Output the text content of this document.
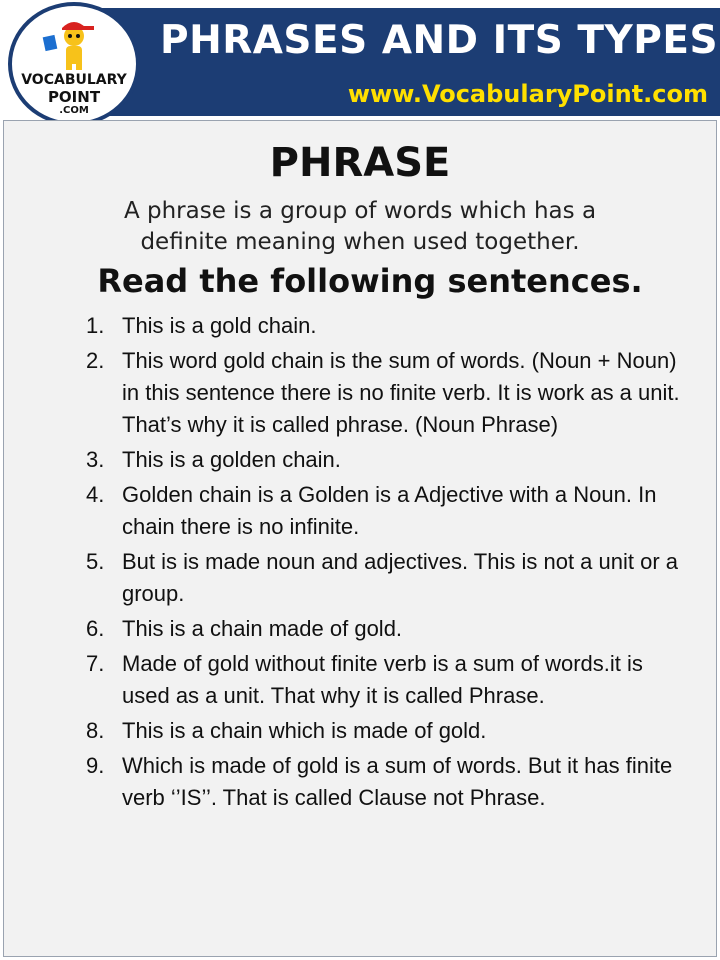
PHRASES AND ITS TYPES
www.VocabularyPoint.com
VOCABULARY
POINT
.COM
PHRASE
A phrase is a group of words which has a definite meaning when used together.
Read the following sentences.
1. This is a gold chain.
2. This word gold chain is the sum of words. (Noun + Noun) in this sentence there is no finite verb. It is work as a unit. That’s why it is called phrase. (Noun Phrase)
3. This is a golden chain.
4. Golden chain is a Golden is a Adjective with a Noun. In chain there is no infinite.
5. But is is made noun and adjectives. This is not a unit or a group.
6. This is a chain made of gold.
7. Made of gold without finite verb is a sum of words.it is used as a unit. That why it is called Phrase.
8. This is a chain which is made of gold.
9. Which is made of gold is a sum of words. But it has finite verb ‘’IS’’. That is called Clause not Phrase.
